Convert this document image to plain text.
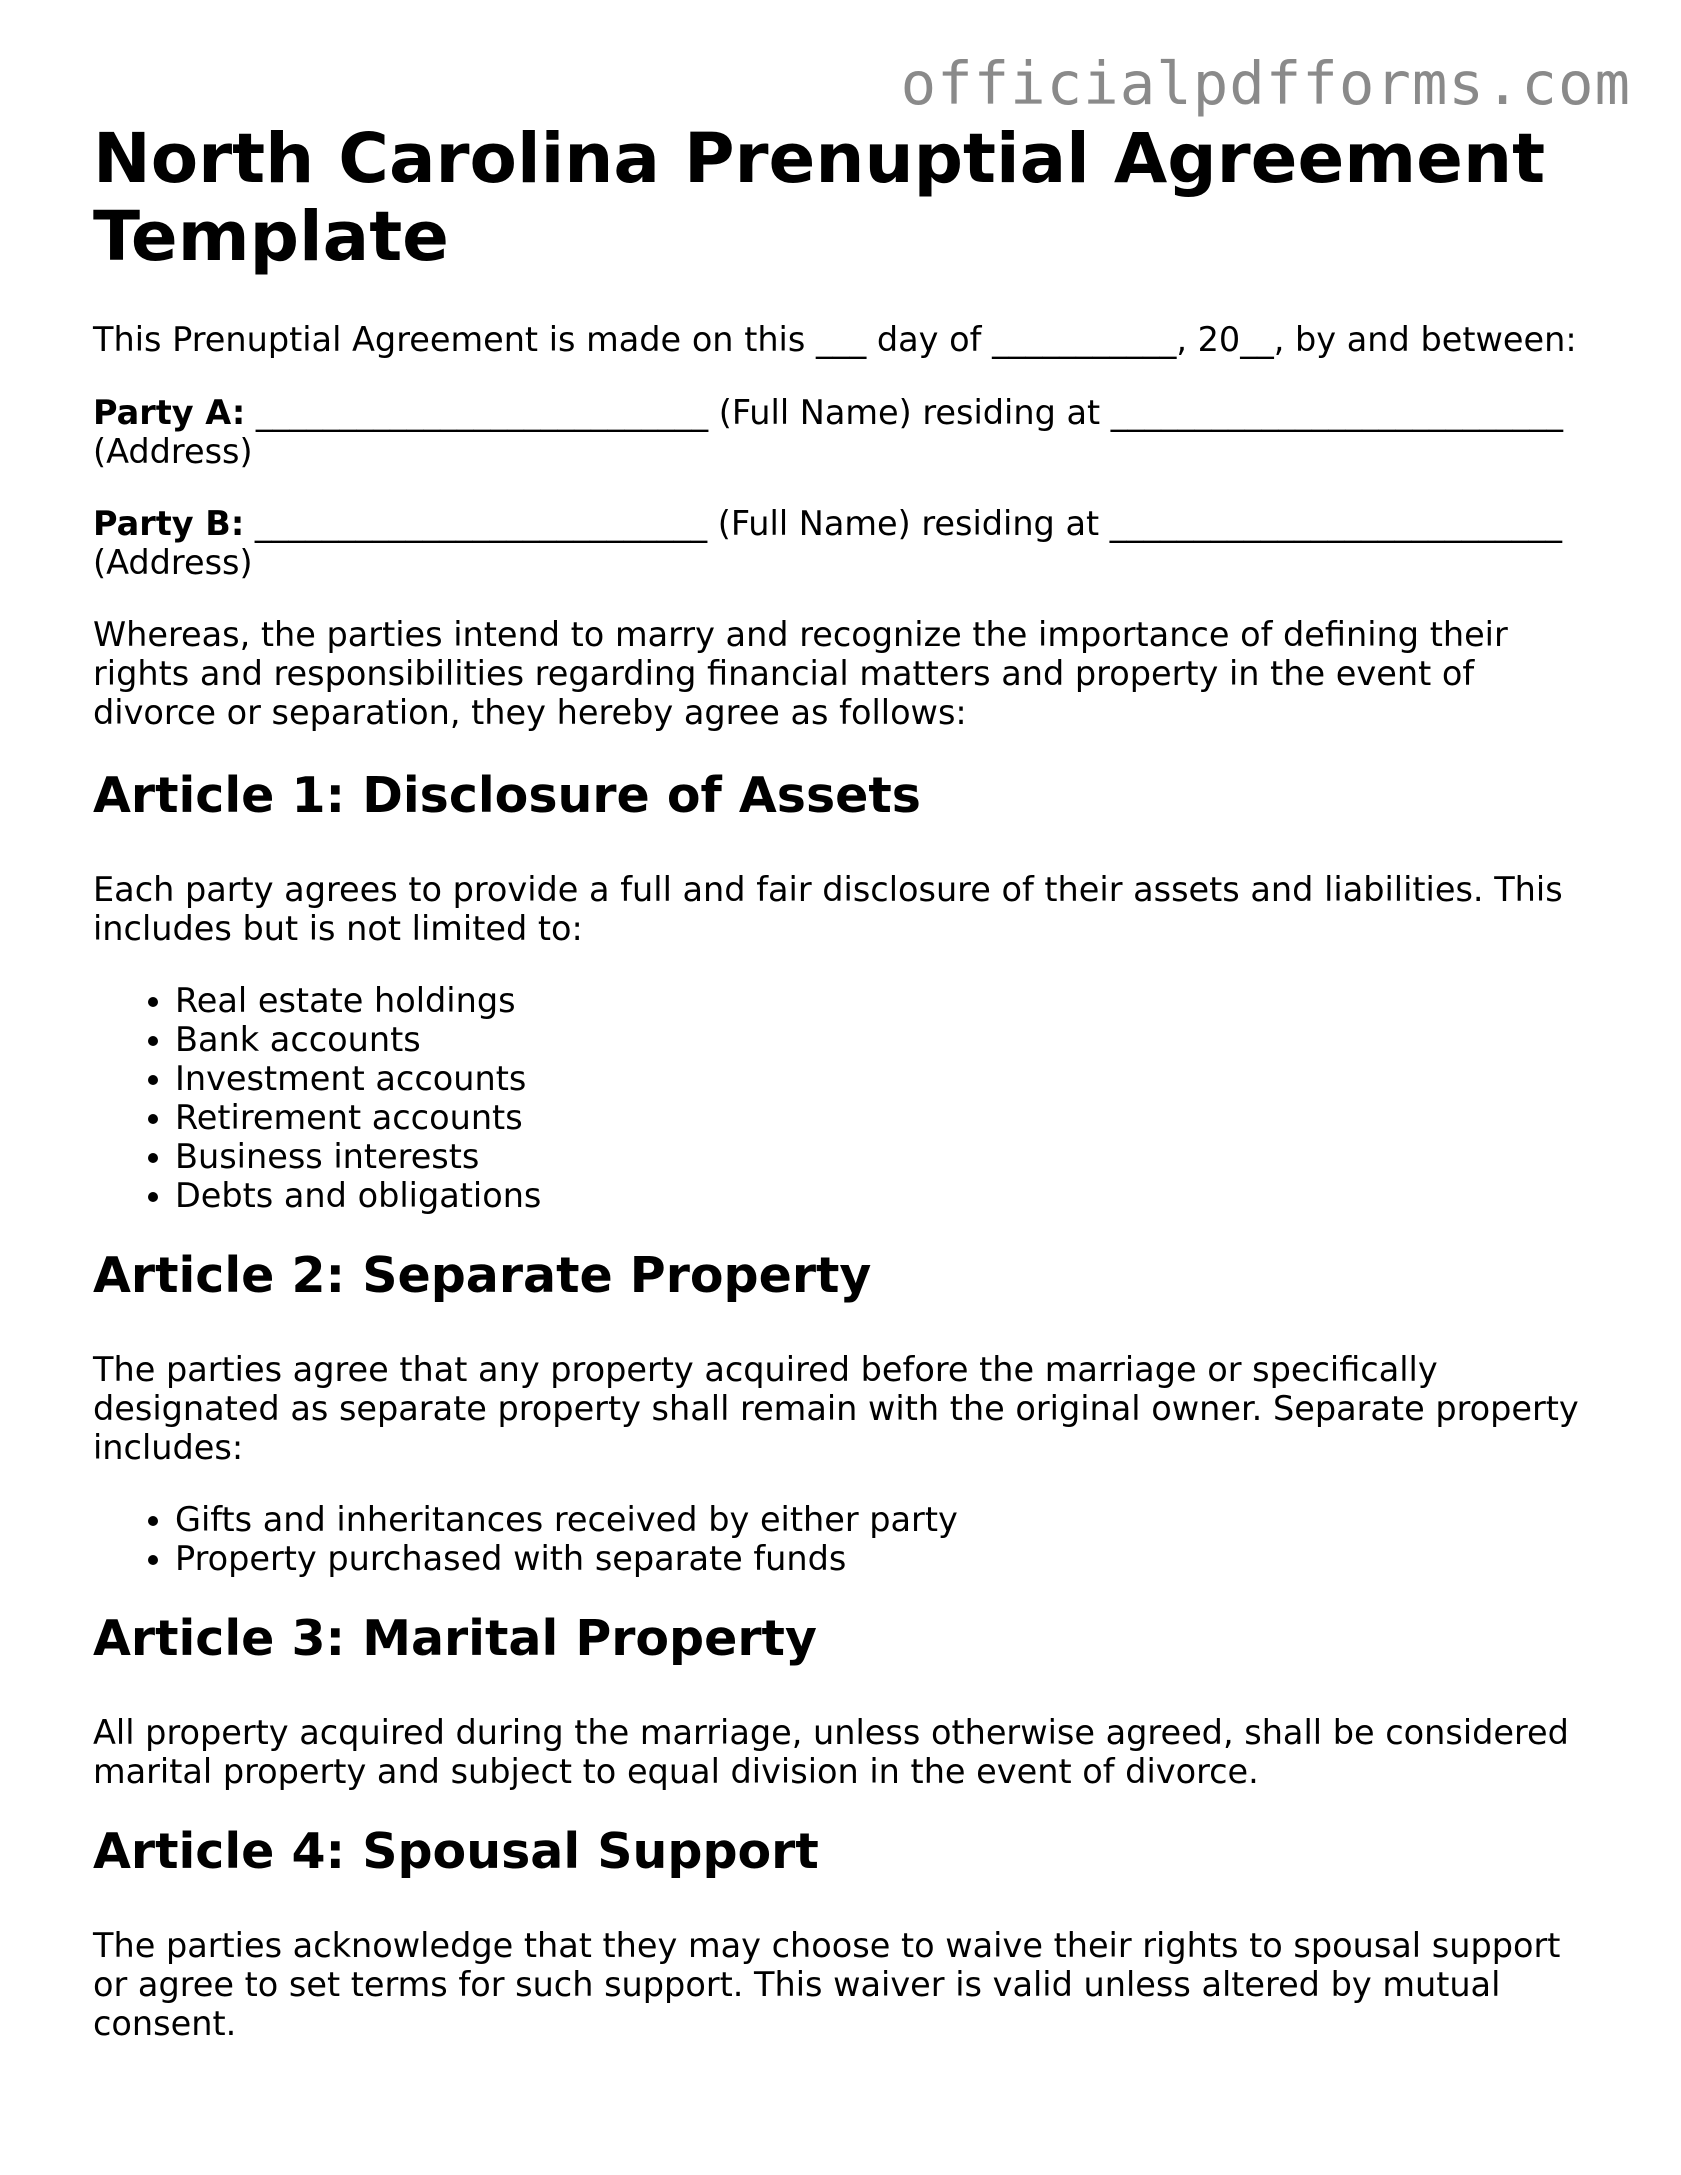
officialpdfforms.com
North Carolina Prenuptial Agreement Template

This Prenuptial Agreement is made on this ___ day of ___________, 20__, by and between:

Party A: ___________________________ (Full Name) residing at ___________________________ (Address)

Party B: ___________________________ (Full Name) residing at ___________________________ (Address)

Whereas, the parties intend to marry and recognize the importance of defining their rights and responsibilities regarding financial matters and property in the event of divorce or separation, they hereby agree as follows:

Article 1: Disclosure of Assets

Each party agrees to provide a full and fair disclosure of their assets and liabilities. This includes but is not limited to:

• Real estate holdings
• Bank accounts
• Investment accounts
• Retirement accounts
• Business interests
• Debts and obligations
Article 2: Separate Property

The parties agree that any property acquired before the marriage or specifically designated as separate property shall remain with the original owner. Separate property includes:

• Gifts and inheritances received by either party
• Property purchased with separate funds
Article 3: Marital Property

All property acquired during the marriage, unless otherwise agreed, shall be considered marital property and subject to equal division in the event of divorce.

Article 4: Spousal Support

The parties acknowledge that they may choose to waive their rights to spousal support or agree to set terms for such support. This waiver is valid unless altered by mutual consent.
